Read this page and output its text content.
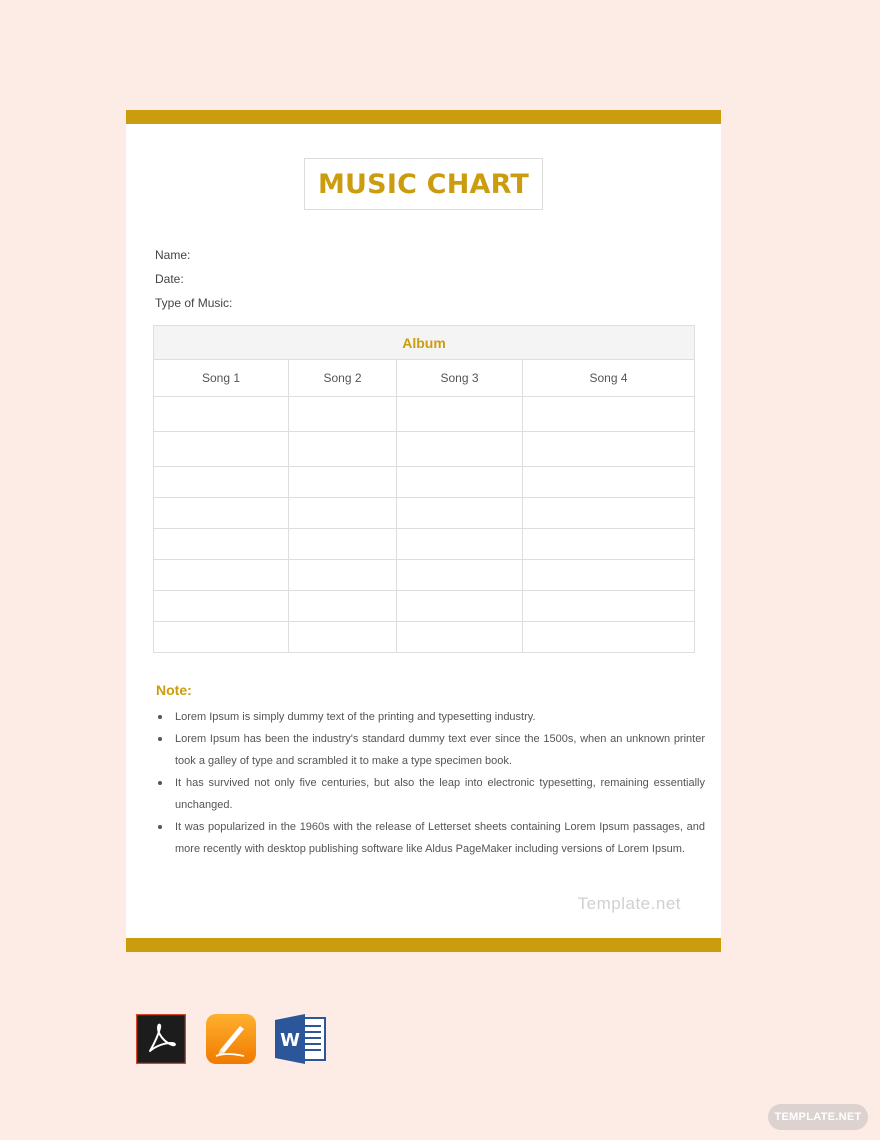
MUSIC CHART
Name:
Date:
Type of Music:
Album			
Song 1	Song 2	Song 3	Song 4

Note:
Lorem Ipsum is simply dummy text of the printing and typesetting industry.
Lorem Ipsum has been the industry's standard dummy text ever since the 1500s, when an unknown printer took a galley of type and scrambled it to make a type specimen book.
It has survived not only five centuries, but also the leap into electronic typesetting, remaining essentially unchanged.
It was popularized in the 1960s with the release of Letterset sheets containing Lorem Ipsum passages, and more recently with desktop publishing software like Aldus PageMaker including versions of Lorem Ipsum.
Template.net
W
TEMPLATE.NET
